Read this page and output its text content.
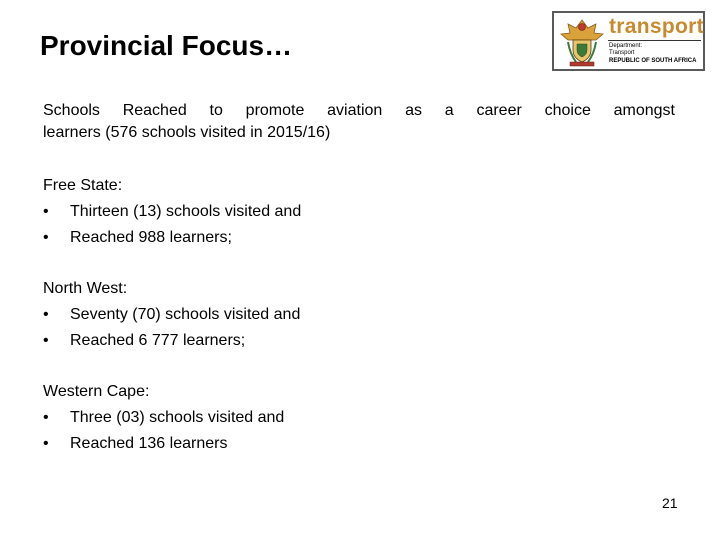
Provincial Focus…
transport
Department:
Transport
REPUBLIC OF SOUTH AFRICA
Schools Reached to promote aviation as a career choice amongst
learners (576 schools visited in 2015/16)
Free State:
• Thirteen (13) schools visited and
• Reached 988 learners;
North West:
• Seventy (70) schools visited and
• Reached 6 777 learners;
Western Cape:
• Three (03) schools visited and
• Reached 136 learners
21
